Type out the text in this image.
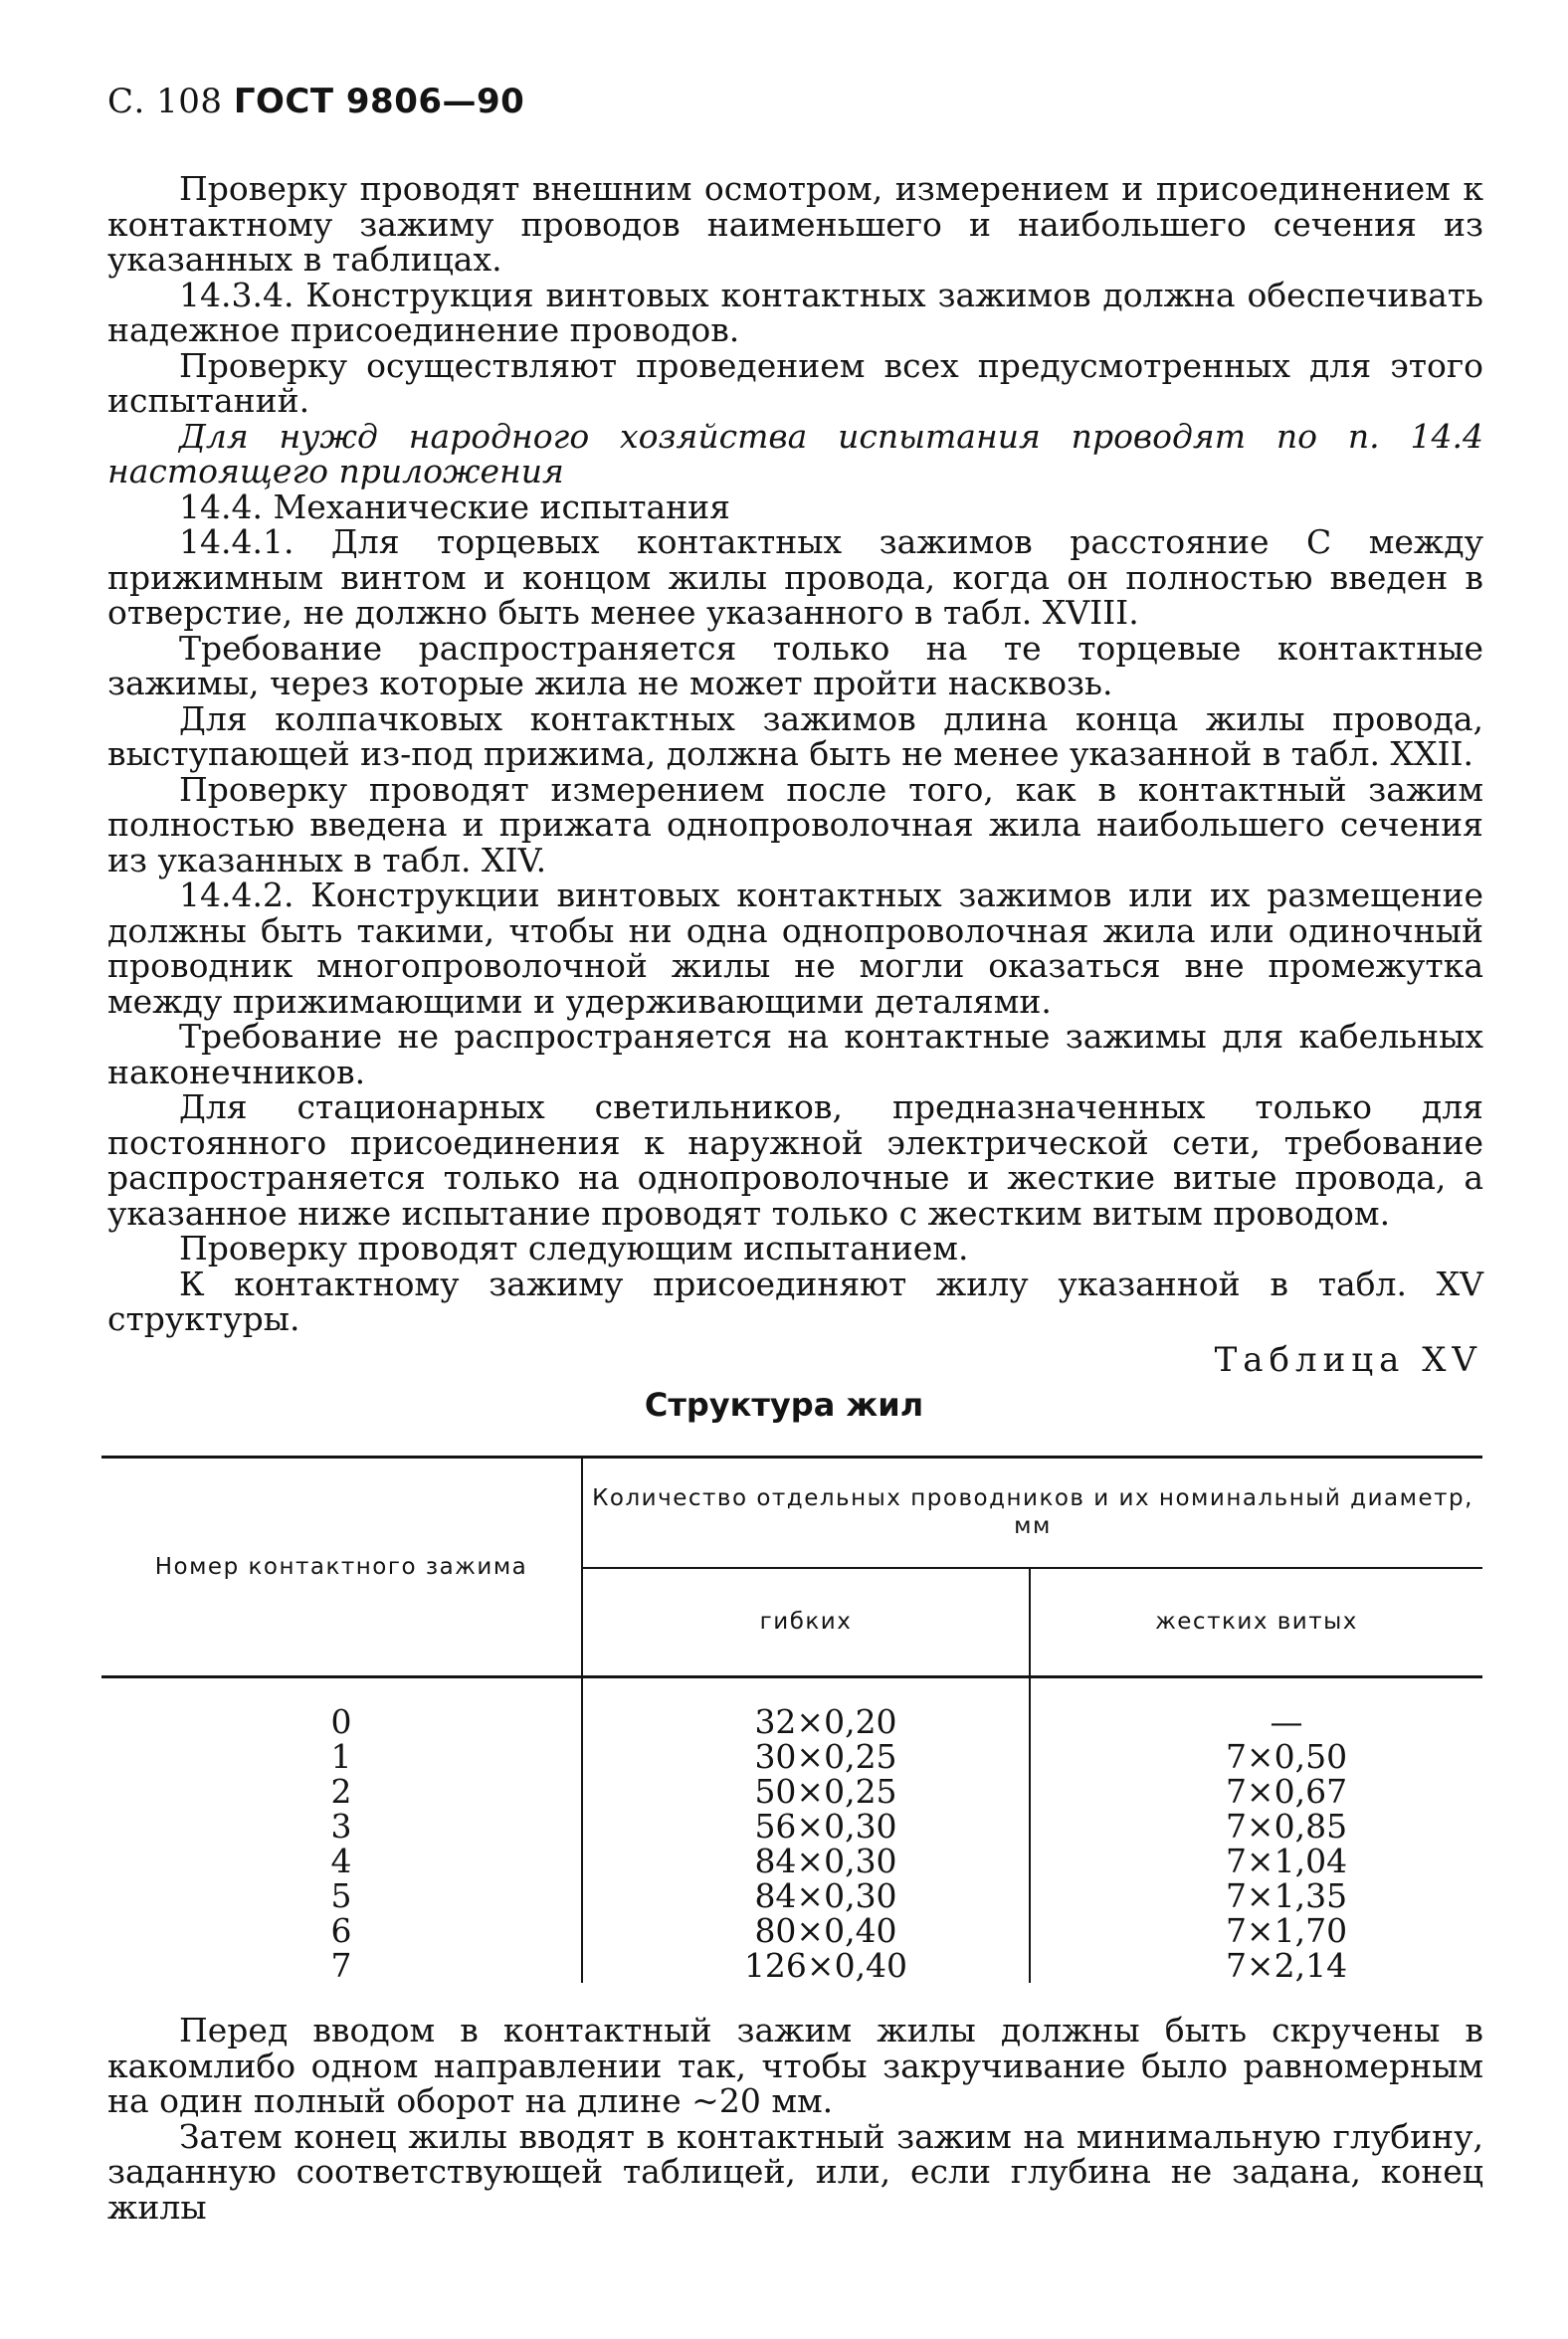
С. 108 ГОСТ 9806—90

Проверку проводят внешним осмотром, измерением и присоединением к контактному зажиму проводов наименьшего и наибольшего сечения из указанных в таблицах.

14.3.4. Конструкция винтовых контактных зажимов должна обеспечивать надежное присоединение проводов.

Проверку осуществляют проведением всех предусмотренных для этого испытаний.

Для нужд народного хозяйства испытания проводят по п. 14.4 настоящего приложения

14.4. Механические испытания

14.4.1. Для торцевых контактных зажимов расстояние С между прижимным винтом и концом жилы провода, когда он полностью введен в отверстие, не должно быть менее указанного в табл. XVIII.

Требование распространяется только на те торцевые контактные зажимы, через которые жила не может пройти насквозь.

Для колпачковых контактных зажимов длина конца жилы провода, выступающей из-под прижима, должна быть не менее указанной в табл. XXII.

Проверку проводят измерением после того, как в контактный зажим полностью введена и прижата однопроволочная жила наибольшего сечения из указанных в табл. XIV.

14.4.2. Конструкции винтовых контактных зажимов или их размещение должны быть такими, чтобы ни одна однопроволочная жила или одиночный проводник многопроволочной жилы не могли оказаться вне промежутка между прижимающими и удерживающими деталями.

Требование не распространяется на контактные зажимы для кабельных наконечников.

Для стационарных светильников, предназначенных только для постоянного присоединения к наружной электрической сети, требование распространяется только на однопроволочные и жесткие витые провода, а указанное ниже испытание проводят только с жестким витым проводом.

Проверку проводят следующим испытанием.

К контактному зажиму присоединяют жилу указанной в табл. XV структуры.

Таблица XV
Структура жил
Номер контактного зажима	Количество отдельных проводников и их номинальный диаметр, мм	
	гибких	жестких витых
0	32×0,20	—
1	30×0,25	7×0,50
2	50×0,25	7×0,67
3	56×0,30	7×0,85
4	84×0,30	7×1,04
5	84×0,30	7×1,35
6	80×0,40	7×1,70
7	126×0,40	7×2,14

Перед вводом в контактный зажим жилы должны быть скручены в какомлибо одном направлении так, чтобы закручивание было равномерным на один полный оборот на длине ~20 мм.

Затем конец жилы вводят в контактный зажим на минимальную глубину, заданную соответствующей таблицей, или, если глубина не задана, конец жилы
